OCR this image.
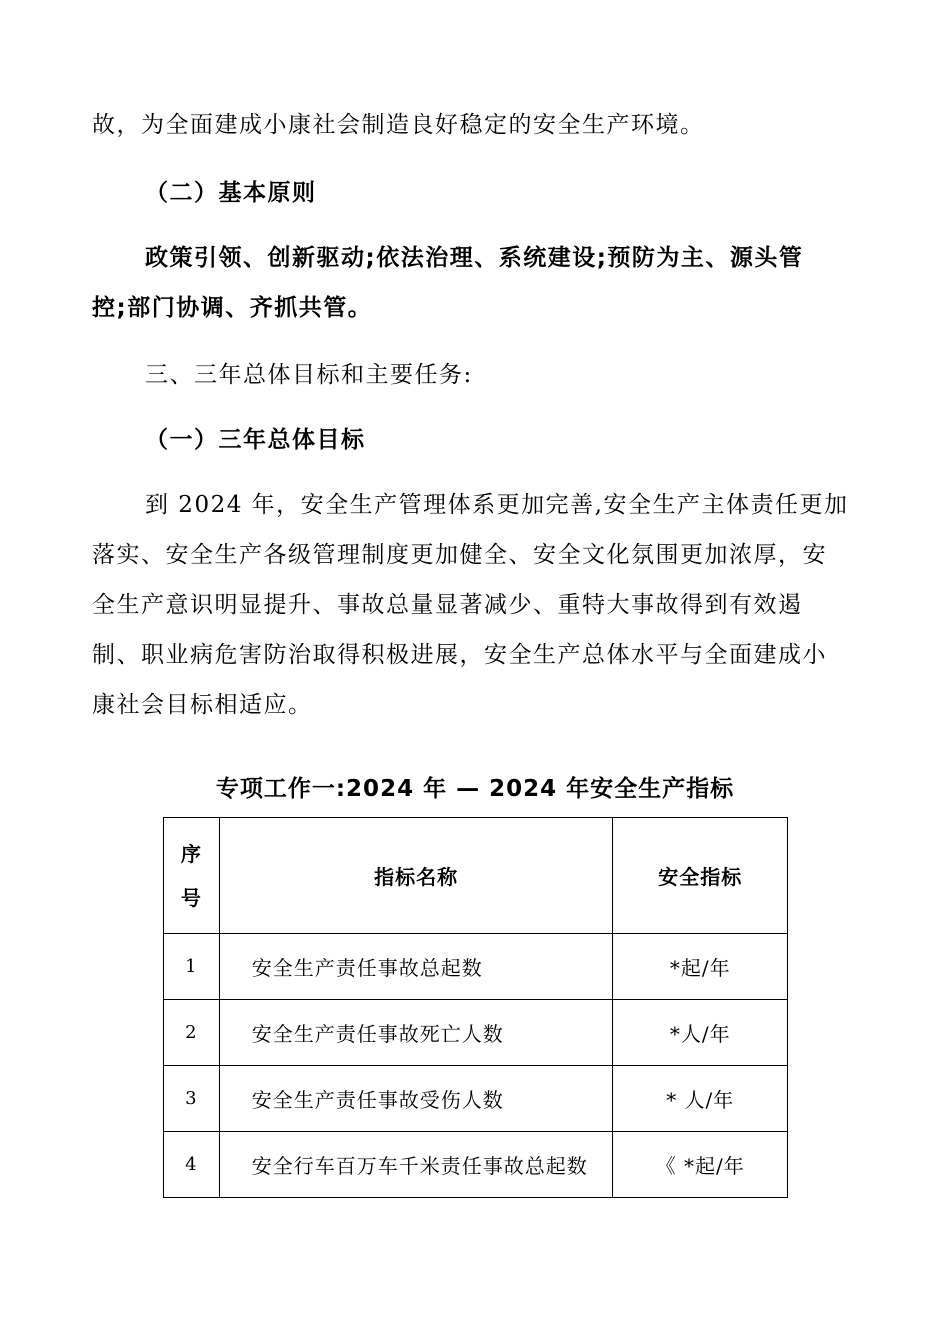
故，为全面建成小康社会制造良好稳定的安全生产环境。
（二）基本原则
政策引领、创新驱动;依法治理、系统建设;预防为主、源头管
控;部门协调、齐抓共管。
三、三年总体目标和主要任务:
（一）三年总体目标
到 2024 年，安全生产管理体系更加完善,安全生产主体责任更加
落实、安全生产各级管理制度更加健全、安全文化氛围更加浓厚，安
全生产意识明显提升、事故总量显著减少、重特大事故得到有效遏
制、职业病危害防治取得积极进展，安全生产总体水平与全面建成小
康社会目标相适应。
专项工作一:2024 年 — 2024 年安全生产指标
序
号	指标名称	安全指标
1	安全生产责任事故总起数	*起/年
2	安全生产责任事故死亡人数	*人/年
3	安全生产责任事故受伤人数	* 人/年
4	安全行车百万车千米责任事故总起数	《 *起/年
